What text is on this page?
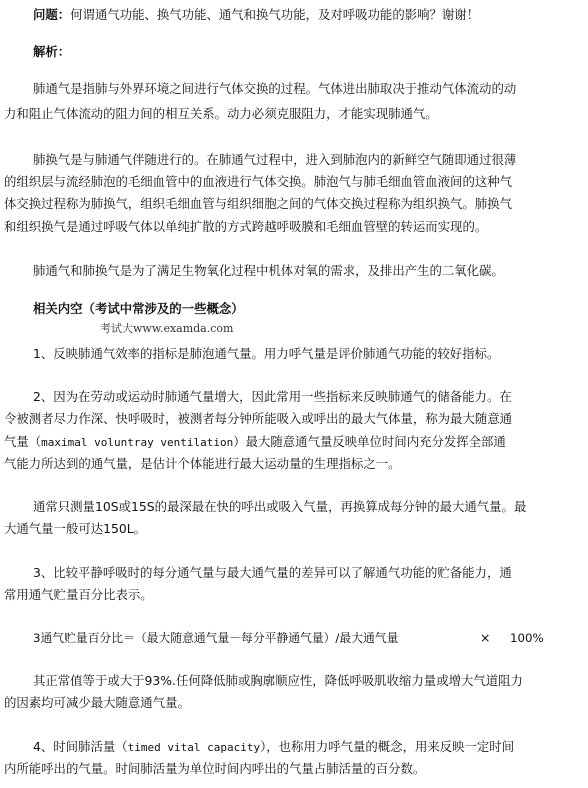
问题：何谓通气功能、换气功能、通气和换气功能，及对呼吸功能的影响？谢谢！
解析：
肺通气是指肺与外界环境之间进行气体交换的过程。气体进出肺取决于推动气体流动的动
力和阻止气体流动的阻力间的相互关系。动力必须克服阻力，才能实现肺通气。
肺换气是与肺通气伴随进行的。在肺通气过程中，进入到肺泡内的新鲜空气随即通过很薄
的组织层与流经肺泡的毛细血管中的血液进行气体交换。肺泡气与肺毛细血管血液间的这种气
体交换过程称为肺换气，组织毛细血管与组织细胞之间的气体交换过程称为组织换气。肺换气
和组织换气是通过呼吸气体以单纯扩散的方式跨越呼吸膜和毛细血管壁的转运而实现的。
肺通气和肺换气是为了满足生物氧化过程中机体对氧的需求，及排出产生的二氧化碳。
相关内空（考试中常涉及的一些概念）
考试大www.examda.com
1、反映肺通气效率的指标是肺泡通气量。用力呼气量是评价肺通气功能的较好指标。
2、因为在劳动或运动时肺通气量增大，因此常用一些指标来反映肺通气的储备能力。在
令被测者尽力作深、快呼吸时，被测者每分钟所能吸入或呼出的最大气体量，称为最大随意通
气量（maximal voluntray ventilation）最大随意通气量反映单位时间内充分发挥全部通
气能力所达到的通气量，是估计个体能进行最大运动量的生理指标之一。
通常只测量10S或15S的最深最在快的呼出或吸入气量，再换算成每分钟的最大通气量。最
大通气量一般可达150L。
3、比较平静呼吸时的每分通气量与最大通气量的差异可以了解通气功能的贮备能力，通
常用通气贮量百分比表示。
3通气贮量百分比＝（最大随意通气量－每分平静通气量）/最大通气量	× 100%
其正常值等于或大于93%.任何降低肺或胸廓顺应性，降低呼吸肌收缩力量或增大气道阻力
的因素均可减少最大随意通气量。
4、时间肺活量（timed vital capacity），也称用力呼气量的概念，用来反映一定时间
内所能呼出的气量。时间肺活量为单位时间内呼出的气量占肺活量的百分数。
